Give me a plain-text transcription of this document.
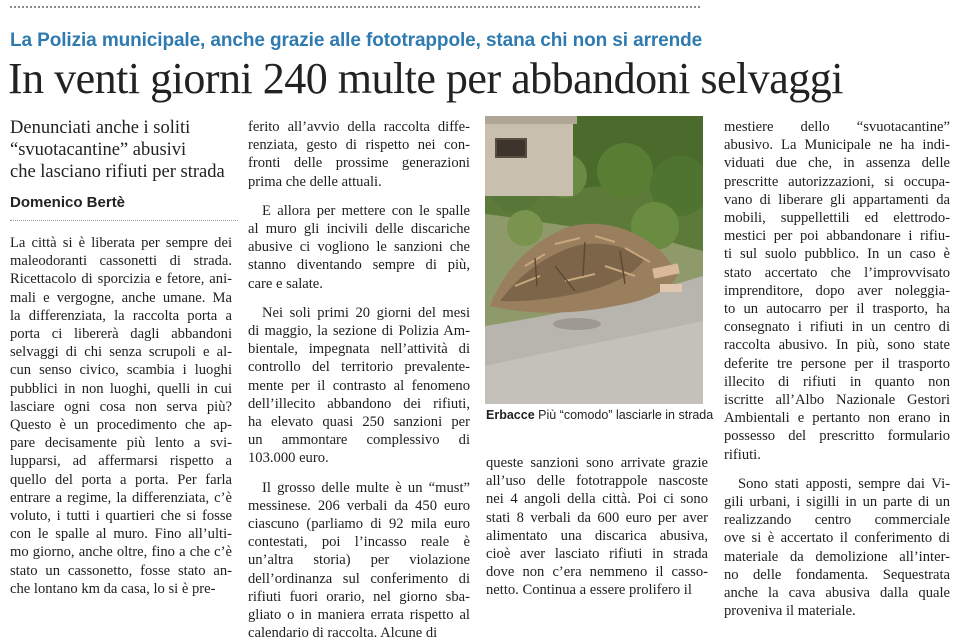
La Polizia municipale, anche grazie alle fototrappole, stana chi non si arrende
In venti giorni 240 multe per abbandoni selvaggi
Denunciati anche i soliti
“svuotacantine” abusivi
che lasciano rifiuti per strada
Domenico Bertè
La città si è liberata per sempre dei
maleodoranti cassonetti di strada.
Ricettacolo di sporcizia e fetore, ani-
mali e vergogne, anche umane. Ma
la differenziata, la raccolta porta a
porta ci libererà dagli abbandoni
selvaggi di chi senza scrupoli e al-
cun senso civico, scambia i luoghi
pubblici in non luoghi, quelli in cui
lasciare ogni cosa non serva più?
Questo è un procedimento che ap-
pare decisamente più lento a svi-
lupparsi, ad affermarsi rispetto a
quello del porta a porta. Per farla
entrare a regime, la differenziata, c’è
voluto, i tutti i quartieri che si fosse
con le spalle al muro. Fino all’ulti-
mo giorno, anche oltre, fino a che c’è
stato un cassonetto, fosse stato an-
che lontano km da casa, lo si è pre-
ferito all’avvio della raccolta diffe-
renziata, gesto di rispetto nei con-
fronti delle prossime generazioni
prima che delle attuali.
E allora per mettere con le spalle
al muro gli incivili delle discariche
abusive ci vogliono le sanzioni che
stanno diventando sempre di più,
care e salate.
Nei soli primi 20 giorni del mesi
di maggio, la sezione di Polizia Am-
bientale, impegnata nell’attività di
controllo del territorio prevalente-
mente per il contrasto al fenomeno
dell’illecito abbandono dei rifiuti,
ha elevato quasi 250 sanzioni per
un ammontare complessivo di
103.000 euro.
Il grosso delle multe è un “must”
messinese. 206 verbali da 450 euro
ciascuno (parliamo di 92 mila euro
contestati, poi l’incasso reale è
un’altra storia) per violazione
dell’ordinanza sul conferimento di
rifiuti fuori orario, nel giorno sba-
gliato o in maniera errata rispetto al
calendario di raccolta. Alcune di
Erbacce Più “comodo” lasciarle in strada
queste sanzioni sono arrivate grazie
all’uso delle fototrappole nascoste
nei 4 angoli della città. Poi ci sono
stati 8 verbali da 600 euro per aver
alimentato una discarica abusiva,
cioè aver lasciato rifiuti in strada
dove non c’era nemmeno il casso-
netto. Continua a essere prolifero il
mestiere dello “svuotacantine”
abusivo. La Municipale ne ha indi-
viduati due che, in assenza delle
prescritte autorizzazioni, si occupa-
vano di liberare gli appartamenti da
mobili, suppellettili ed elettrodo-
mestici per poi abbandonare i rifiu-
ti sul suolo pubblico. In un caso è
stato accertato che l’improvvisato
imprenditore, dopo aver noleggia-
to un autocarro per il trasporto, ha
consegnato i rifiuti in un centro di
raccolta abusivo. In più, sono state
deferite tre persone per il trasporto
illecito di rifiuti in quanto non
iscritte all’Albo Nazionale Gestori
Ambientali e pertanto non erano in
possesso del prescritto formulario
rifiuti.
Sono stati apposti, sempre dai Vi-
gili urbani, i sigilli in un parte di un
realizzando centro commerciale
ove si è accertato il conferimento di
materiale da demolizione all’inter-
no delle fondamenta. Sequestrata
anche la cava abusiva dalla quale
proveniva il materiale.
